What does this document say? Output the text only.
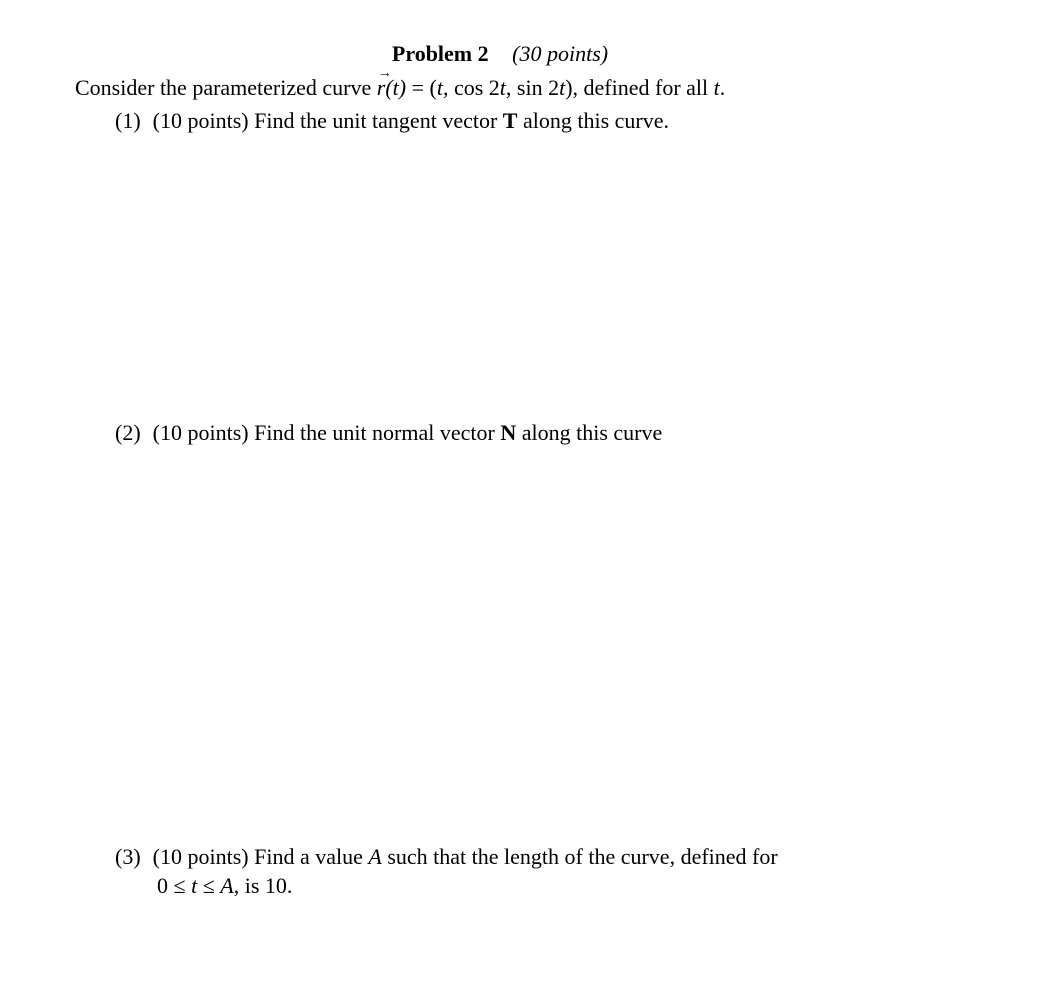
Problem 2 (30 points)
Consider the parameterized curve r
→
(t) = (t, cos 2t, sin 2t), defined for all t.
(1) (10 points) Find the unit tangent vector T along this curve.
(2) (10 points) Find the unit normal vector N along this curve
(3) (10 points) Find a value A such that the length of the curve, defined for
0 ≤ t ≤ A, is 10.
